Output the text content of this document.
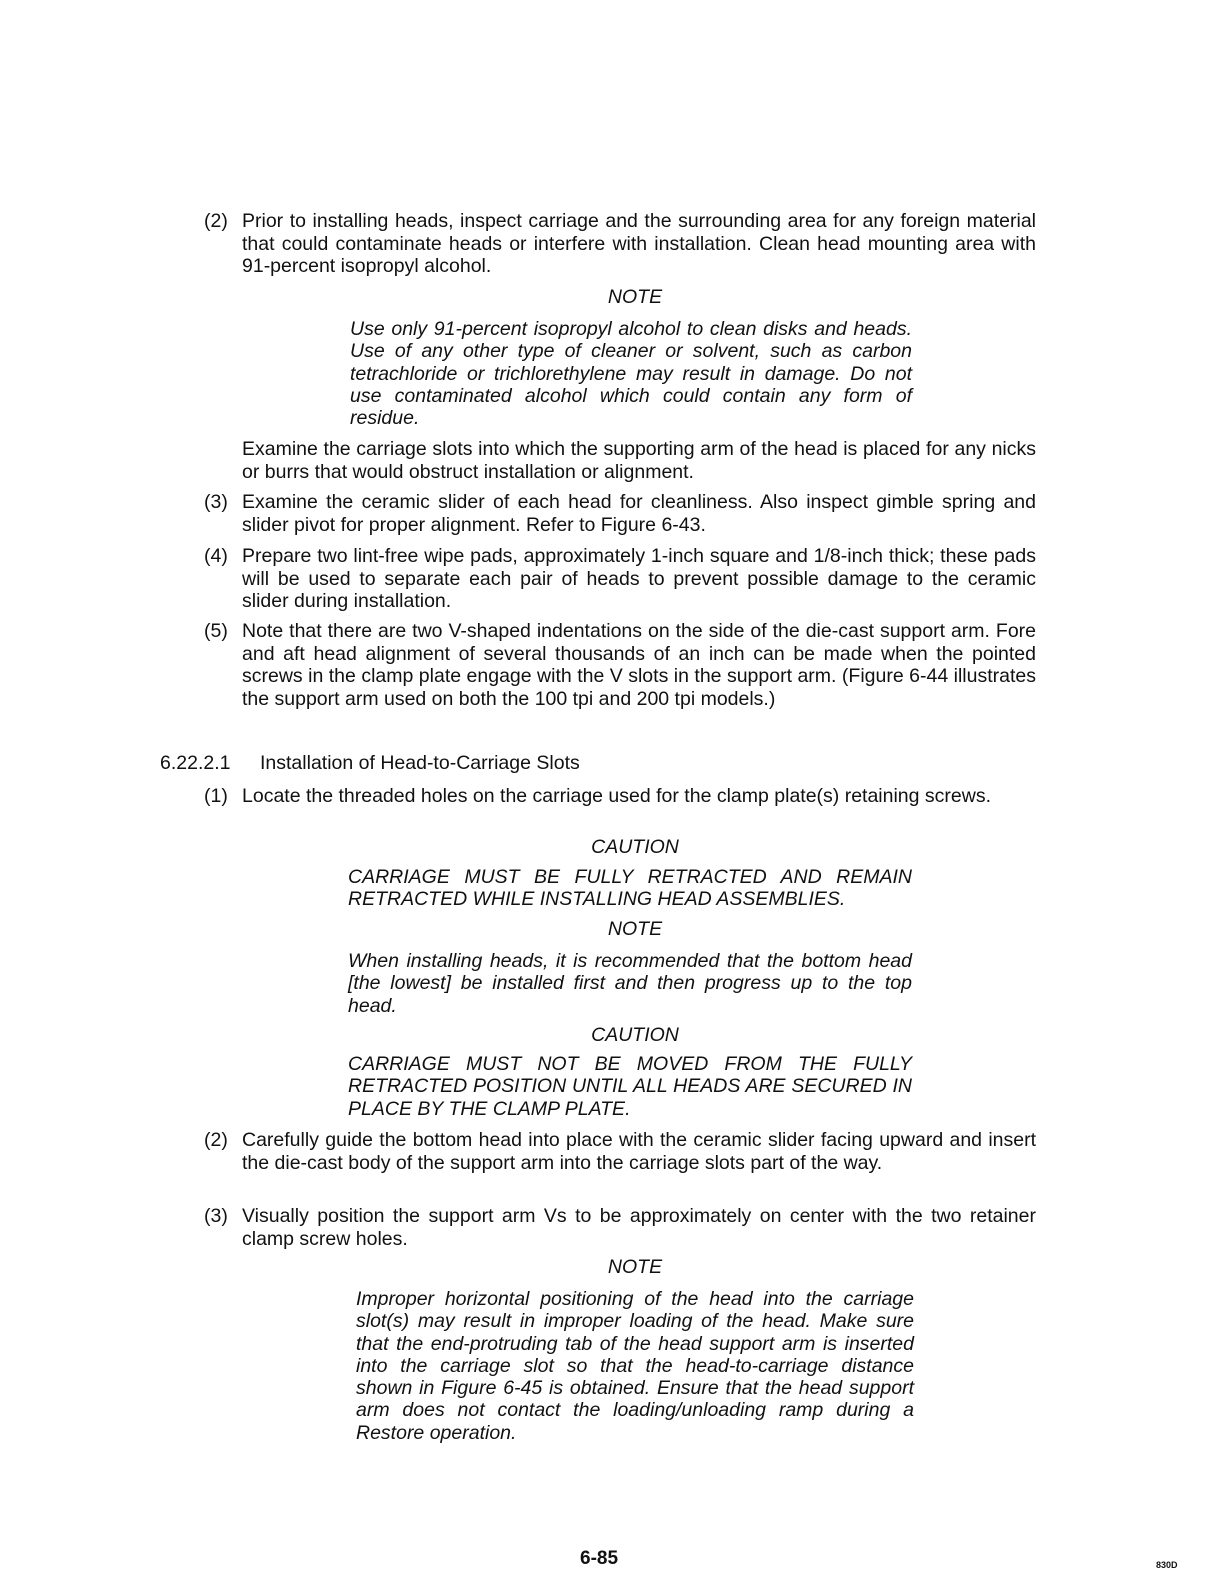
(2) Prior to installing heads, inspect carriage and the surrounding area for any foreign material that could contaminate heads or interfere with installation. Clean head mounting area with 91-percent isopropyl alcohol.
NOTE
Use only 91-percent isopropyl alcohol to clean disks and heads. Use of any other type of cleaner or solvent, such as carbon tetrachloride or trichlorethylene may result in damage. Do not use contaminated alcohol which could contain any form of residue.
Examine the carriage slots into which the supporting arm of the head is placed for any nicks or burrs that would obstruct installation or alignment.
(3) Examine the ceramic slider of each head for cleanliness. Also inspect gimble spring and slider pivot for proper alignment. Refer to Figure 6-43.
(4) Prepare two lint-free wipe pads, approximately 1-inch square and 1/8-inch thick; these pads will be used to separate each pair of heads to prevent possible damage to the ceramic slider during installation.
(5) Note that there are two V-shaped indentations on the side of the die-cast support arm. Fore and aft head alignment of several thousands of an inch can be made when the pointed screws in the clamp plate engage with the V slots in the support arm. (Figure 6-44 illustrates the support arm used on both the 100 tpi and 200 tpi models.)
6.22.2.1	Installation of Head-to-Carriage Slots
(1) Locate the threaded holes on the carriage used for the clamp plate(s) retaining screws.
CAUTION
CARRIAGE MUST BE FULLY RETRACTED AND REMAIN RETRACTED WHILE INSTALLING HEAD ASSEMBLIES.
NOTE
When installing heads, it is recommended that the bottom head [the lowest] be installed first and then progress up to the top head.
CAUTION
CARRIAGE MUST NOT BE MOVED FROM THE FULLY RETRACTED POSITION UNTIL ALL HEADS ARE SECURED IN PLACE BY THE CLAMP PLATE.
(2) Carefully guide the bottom head into place with the ceramic slider facing upward and insert the die-cast body of the support arm into the carriage slots part of the way.
(3) Visually position the support arm Vs to be approximately on center with the two retainer clamp screw holes.
NOTE
Improper horizontal positioning of the head into the carriage slot(s) may result in improper loading of the head. Make sure that the end-protruding tab of the head support arm is inserted into the carriage slot so that the head-to-carriage distance shown in Figure 6-45 is obtained. Ensure that the head support arm does not contact the loading/unloading ramp during a Restore operation.
6-85	830D
